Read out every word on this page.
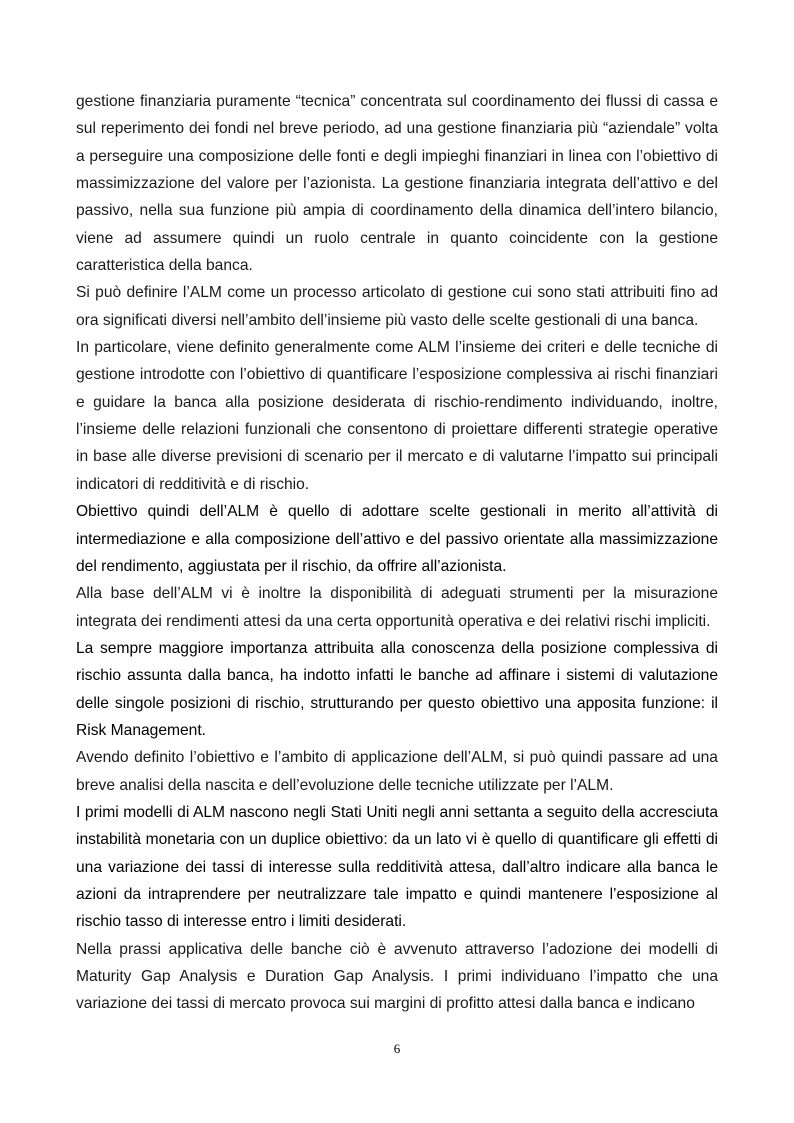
gestione finanziaria puramente “tecnica” concentrata sul coordinamento dei flussi di cassa e sul reperimento dei fondi nel breve periodo, ad una gestione finanziaria più “aziendale” volta a perseguire una composizione delle fonti e degli impieghi finanziari in linea con l’obiettivo di massimizzazione del valore per l’azionista. La gestione finanziaria integrata dell’attivo e del passivo, nella sua funzione più ampia di coordinamento della dinamica dell’intero bilancio, viene ad assumere quindi un ruolo centrale in quanto coincidente con la gestione caratteristica della banca.

Si può definire l’ALM come un processo articolato di gestione cui sono stati attribuiti fino ad ora significati diversi nell’ambito dell’insieme più vasto delle scelte gestionali di una banca.

In particolare, viene definito generalmente come ALM l’insieme dei criteri e delle tecniche di gestione introdotte con l’obiettivo di quantificare l’esposizione complessiva ai rischi finanziari e guidare la banca alla posizione desiderata di rischio-rendimento individuando, inoltre, l’insieme delle relazioni funzionali che consentono di proiettare differenti strategie operative in base alle diverse previsioni di scenario per il mercato e di valutarne l’impatto sui principali indicatori di redditività e di rischio.

Obiettivo quindi dell’ALM è quello di adottare scelte gestionali in merito all’attività di intermediazione e alla composizione dell’attivo e del passivo orientate alla massimizzazione del rendimento, aggiustata per il rischio, da offrire all’azionista.

Alla base dell’ALM vi è inoltre la disponibilità di adeguati strumenti per la misurazione integrata dei rendimenti attesi da una certa opportunità operativa e dei relativi rischi impliciti.

La sempre maggiore importanza attribuita alla conoscenza della posizione complessiva di rischio assunta dalla banca, ha indotto infatti le banche ad affinare i sistemi di valutazione delle singole posizioni di rischio, strutturando per questo obiettivo una apposita funzione: il Risk Management.

Avendo definito l’obiettivo e l’ambito di applicazione dell’ALM, si può quindi passare ad una breve analisi della nascita e dell’evoluzione delle tecniche utilizzate per l’ALM.

I primi modelli di ALM nascono negli Stati Uniti negli anni settanta a seguito della accresciuta instabilità monetaria con un duplice obiettivo: da un lato vi è quello di quantificare gli effetti di una variazione dei tassi di interesse sulla redditività attesa, dall’altro indicare alla banca le azioni da intraprendere per neutralizzare tale impatto e quindi mantenere l’esposizione al rischio tasso di interesse entro i limiti desiderati.

Nella prassi applicativa delle banche ciò è avvenuto attraverso l’adozione dei modelli di Maturity Gap Analysis e Duration Gap Analysis. I primi individuano l’impatto che una variazione dei tassi di mercato provoca sui margini di profitto attesi dalla banca e indicano

6
